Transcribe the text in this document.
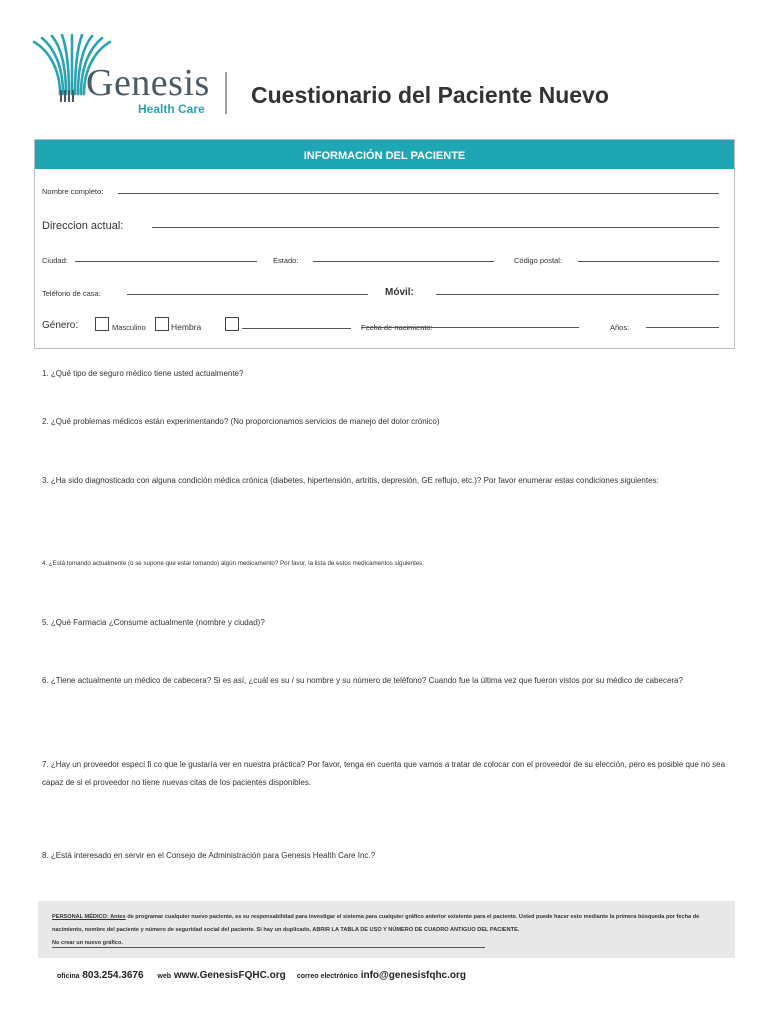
Genesis
Health Care
Cuestionario del Paciente Nuevo
INFORMACIÓN DEL PACIENTE
Nombre completo:
Direccion actual:
Ciudad:	Estado:	Código postal:
Teléfono de casa:	Móvil:
Género:	Masculino	Hembra	Fecha de nacimiento:	Años:
1. ¿Qué tipo de seguro médico tiene usted actualmente?
2. ¿Qué problemas médicos están experimentando? (No proporcionamos servicios de manejo del dolor crónico)
3. ¿Ha sido diagnosticado con alguna condición médica crónica (diabetes, hipertensión, artritis, depresión, GE reflujo, etc.)? Por favor enumerar estas condiciones siguientes:
4. ¿Está tomando actualmente (o se supone que estar tomando) algún medicamento? Por favor, la lista de estos medicamentos siguientes:
5. ¿Qué Farmacia ¿Consume actualmente (nombre y ciudad)?
6. ¿Tiene actualmente un médico de cabecera? Si es así, ¿cuál es su / su nombre y su número de teléfono? Cuando fue la última vez que fueron vistos por su médico de cabecera?
7. ¿Hay un proveedor especí fi co que le gustaría ver en nuestra práctica? Por favor, tenga en cuenta que vamos a tratar de colocar con el proveedor de su elección, pero es posible que no sea capaz de si el proveedor no tiene nuevas citas de los pacientes disponibles.
8. ¿Está interesado en servir en el Consejo de Administración para Genesis Health Care Inc.?
PERSONAL MÉDICO: Antes de programar cualquier nuevo paciente, es su responsabilidad para investigar el sistema para cualquier gráfico anterior existente para el paciente. Usted puede hacer esto mediante la primera búsqueda por fecha de nacimiento, nombre del paciente y número de seguridad social del paciente. Si hay un duplicado, ABRIR LA TABLA DE USO Y NÚMERO DE CUADRO ANTIGUO DEL PACIENTE.
No crear un nuevo gráfico.
oficina 803.254.3676 web www.GenesisFQHC.org correo electrónico info@genesisfqhc.org
